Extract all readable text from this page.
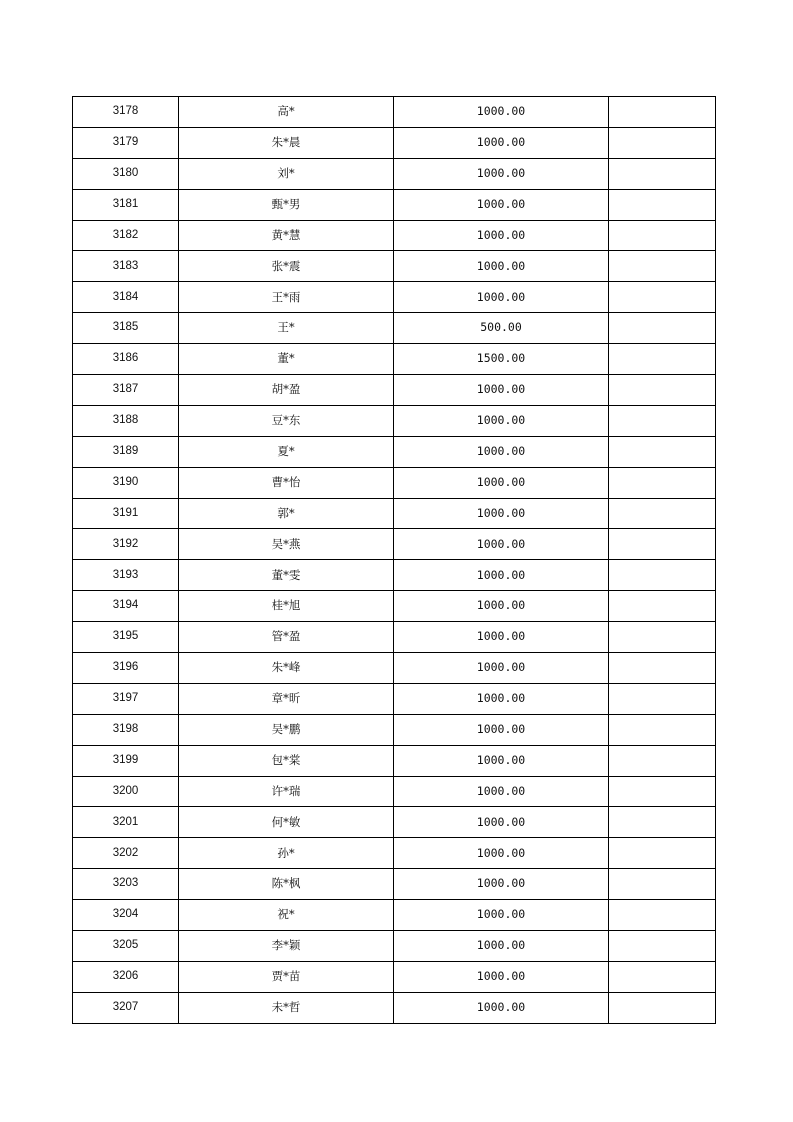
3178	高*	1000.00	
3179	朱*晨	1000.00	
3180	刘*	1000.00	
3181	甄*男	1000.00	
3182	黄*慧	1000.00	
3183	张*震	1000.00	
3184	王*雨	1000.00	
3185	王*	500.00	
3186	董*	1500.00	
3187	胡*盈	1000.00	
3188	豆*东	1000.00	
3189	夏*	1000.00	
3190	曹*怡	1000.00	
3191	郭*	1000.00	
3192	吴*燕	1000.00	
3193	董*雯	1000.00	
3194	桂*旭	1000.00	
3195	管*盈	1000.00	
3196	朱*峰	1000.00	
3197	章*昕	1000.00	
3198	吴*鹏	1000.00	
3199	包*棠	1000.00	
3200	许*瑞	1000.00	
3201	何*敏	1000.00	
3202	孙*	1000.00	
3203	陈*枫	1000.00	
3204	祝*	1000.00	
3205	李*颖	1000.00	
3206	贾*苗	1000.00	
3207	未*哲	1000.00	
